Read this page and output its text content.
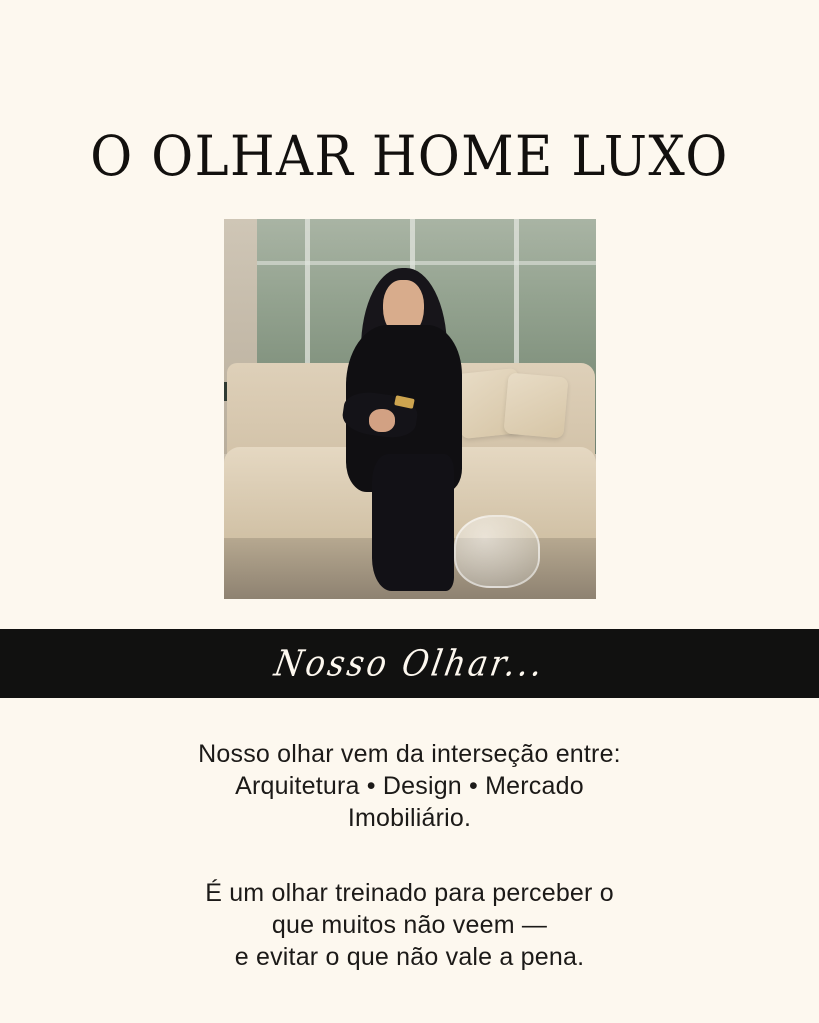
O OLHAR HOME LUXO
Nosso Olhar...
Nosso olhar vem da interseção entre:
Arquitetura • Design • Mercado
Imobiliário.
É um olhar treinado para perceber o
que muitos não veem —
e evitar o que não vale a pena.
